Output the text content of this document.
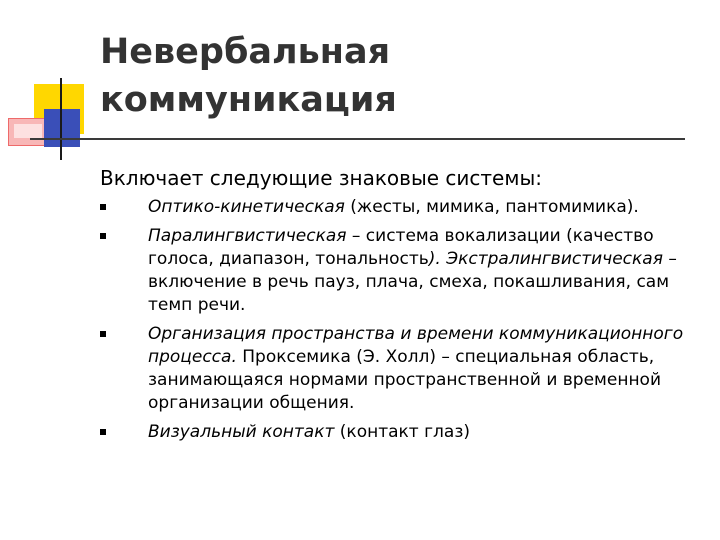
Невербальная
коммуникация

Включает следующие знаковые системы:

Оптико-кинетическая (жесты, мимика, пантомимика).
Паралингвистическая – система вокализации (качество голоса, диапазон, тональность). Экстралингвистическая – включение в речь пауз, плача, смеха, покашливания, сам темп речи.
Организация пространства и времени коммуникационного процесса. Проксемика (Э. Холл) – специальная область, занимающаяся нормами пространственной и временной организации общения.
Визуальный контакт (контакт глаз)
